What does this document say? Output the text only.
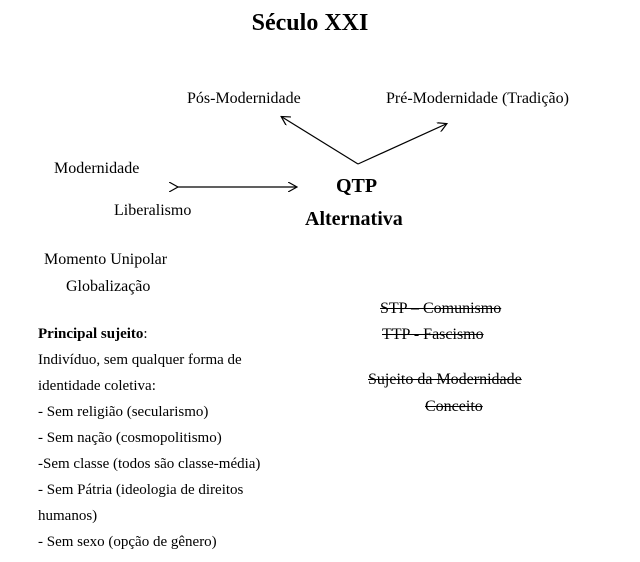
Século XXI
Pós-Modernidade	Pré-Modernidade (Tradição)
Modernidade
Liberalismo
QTP
Alternativa
Momento Unipolar
Globalização
Principal sujeito:
Indivíduo, sem qualquer forma de
identidade coletiva:
- Sem religião (secularismo)
- Sem nação (cosmopolitismo)
-Sem classe (todos são classe-média)
- Sem Pátria (ideologia de direitos
humanos)
- Sem sexo (opção de gênero)
STP – Comunismo
TTP - Fascismo
Sujeito da Modernidade
Conceito
